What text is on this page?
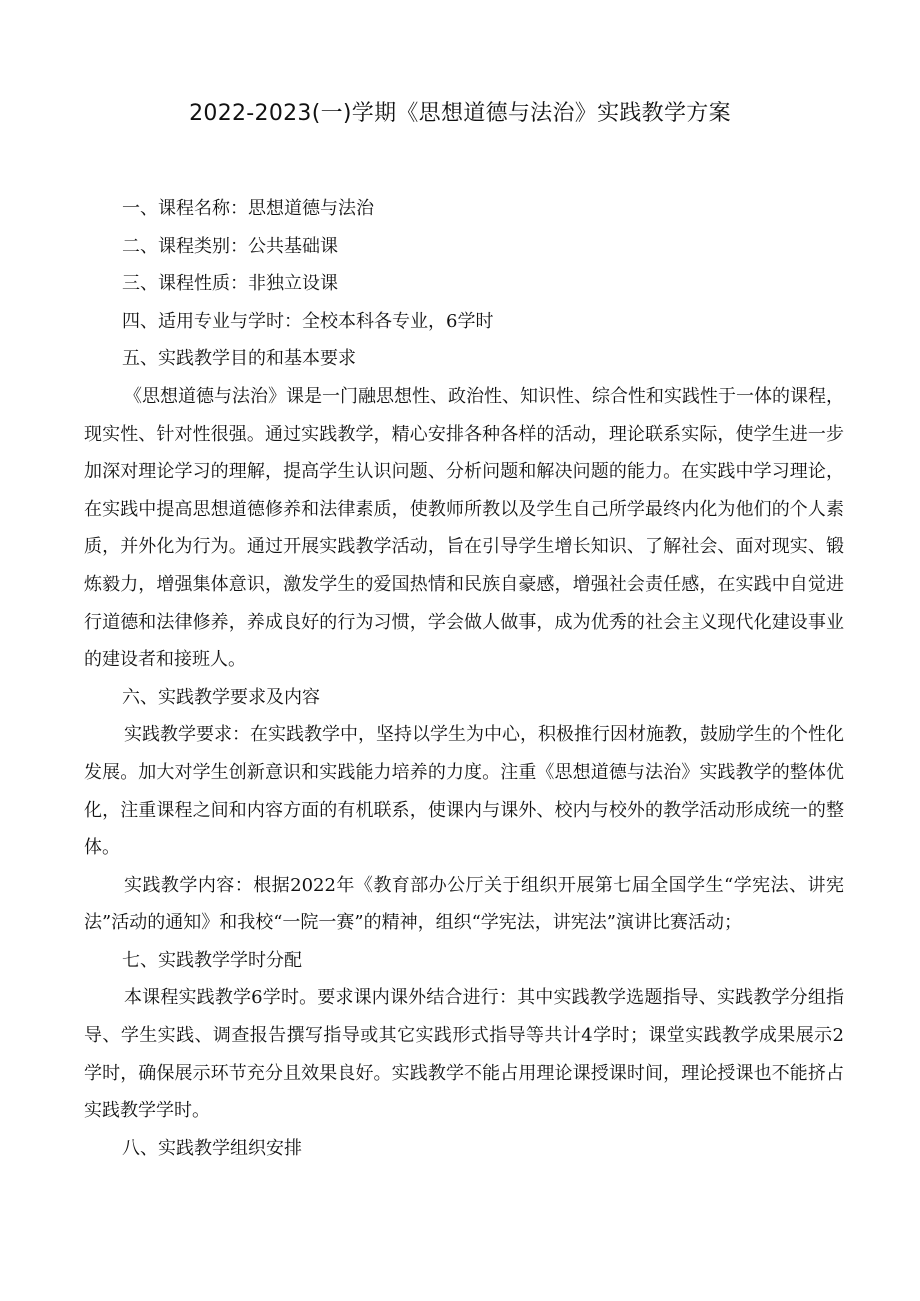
2022-2023(一)学期《思想道德与法治》实践教学方案

一、课程名称：思想道德与法治

二、课程类别：公共基础课

三、课程性质：非独立设课

四、适用专业与学时：全校本科各专业，6学时

五、实践教学目的和基本要求

《思想道德与法治》课是一门融思想性、政治性、知识性、综合性和实践性于一体的课程，现实性、针对性很强。通过实践教学，精心安排各种各样的活动，理论联系实际，使学生进一步加深对理论学习的理解，提高学生认识问题、分析问题和解决问题的能力。在实践中学习理论，在实践中提高思想道德修养和法律素质，使教师所教以及学生自己所学最终内化为他们的个人素质，并外化为行为。通过开展实践教学活动，旨在引导学生增长知识、了解社会、面对现实、锻炼毅力，增强集体意识，激发学生的爱国热情和民族自豪感，增强社会责任感，在实践中自觉进行道德和法律修养，养成良好的行为习惯，学会做人做事，成为优秀的社会主义现代化建设事业的建设者和接班人。

六、实践教学要求及内容

实践教学要求：在实践教学中，坚持以学生为中心，积极推行因材施教，鼓励学生的个性化发展。加大对学生创新意识和实践能力培养的力度。注重《思想道德与法治》实践教学的整体优化，注重课程之间和内容方面的有机联系，使课内与课外、校内与校外的教学活动形成统一的整体。

实践教学内容：根据2022年《教育部办公厅关于组织开展第七届全国学生“学宪法、讲宪法”活动的通知》和我校“一院一赛”的精神，组织“学宪法，讲宪法”演讲比赛活动；

七、实践教学学时分配

本课程实践教学6学时。要求课内课外结合进行：其中实践教学选题指导、实践教学分组指导、学生实践、调查报告撰写指导或其它实践形式指导等共计4学时；课堂实践教学成果展示2学时，确保展示环节充分且效果良好。实践教学不能占用理论课授课时间，理论授课也不能挤占实践教学学时。

八、实践教学组织安排
